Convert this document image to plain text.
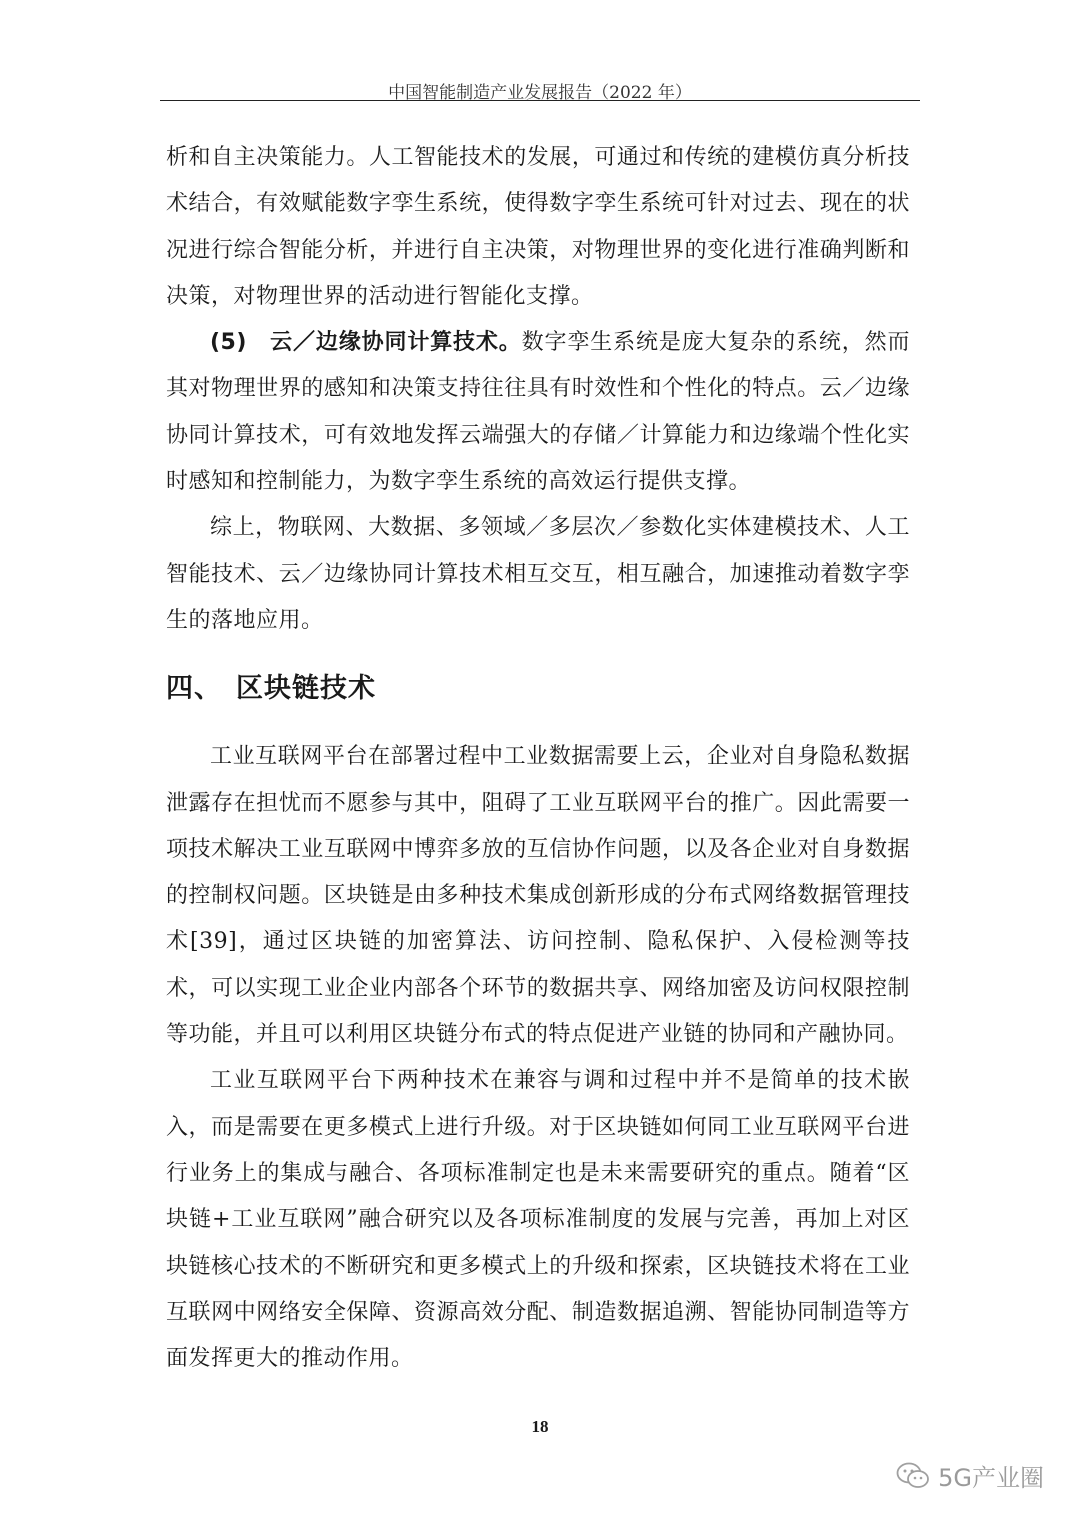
中国智能制造产业发展报告（2022 年）

析和自主决策能力。人工智能技术的发展，可通过和传统的建模仿真分析技术结合，有效赋能数字孪生系统，使得数字孪生系统可针对过去、现在的状况进行综合智能分析，并进行自主决策，对物理世界的变化进行准确判断和决策，对物理世界的活动进行智能化支撑。

(5)　云／边缘协同计算技术。数字孪生系统是庞大复杂的系统，然而其对物理世界的感知和决策支持往往具有时效性和个性化的特点。云／边缘协同计算技术，可有效地发挥云端强大的存储／计算能力和边缘端个性化实时感知和控制能力，为数字孪生系统的高效运行提供支撑。

综上，物联网、大数据、多领域／多层次／参数化实体建模技术、人工智能技术、云／边缘协同计算技术相互交互，相互融合，加速推动着数字孪生的落地应用。

四、 区块链技术

工业互联网平台在部署过程中工业数据需要上云，企业对自身隐私数据泄露存在担忧而不愿参与其中，阻碍了工业互联网平台的推广。因此需要一项技术解决工业互联网中博弈多放的互信协作问题，以及各企业对自身数据的控制权问题。区块链是由多种技术集成创新形成的分布式网络数据管理技术[39]，通过区块链的加密算法、访问控制、隐私保护、入侵检测等技术，可以实现工业企业内部各个环节的数据共享、网络加密及访问权限控制等功能，并且可以利用区块链分布式的特点促进产业链的协同和产融协同。

工业互联网平台下两种技术在兼容与调和过程中并不是简单的技术嵌入，而是需要在更多模式上进行升级。对于区块链如何同工业互联网平台进行业务上的集成与融合、各项标准制定也是未来需要研究的重点。随着“区块链+工业互联网”融合研究以及各项标准制度的发展与完善，再加上对区块链核心技术的不断研究和更多模式上的升级和探索，区块链技术将在工业互联网中网络安全保障、资源高效分配、制造数据追溯、智能协同制造等方面发挥更大的推动作用。

18
5G产业圈
